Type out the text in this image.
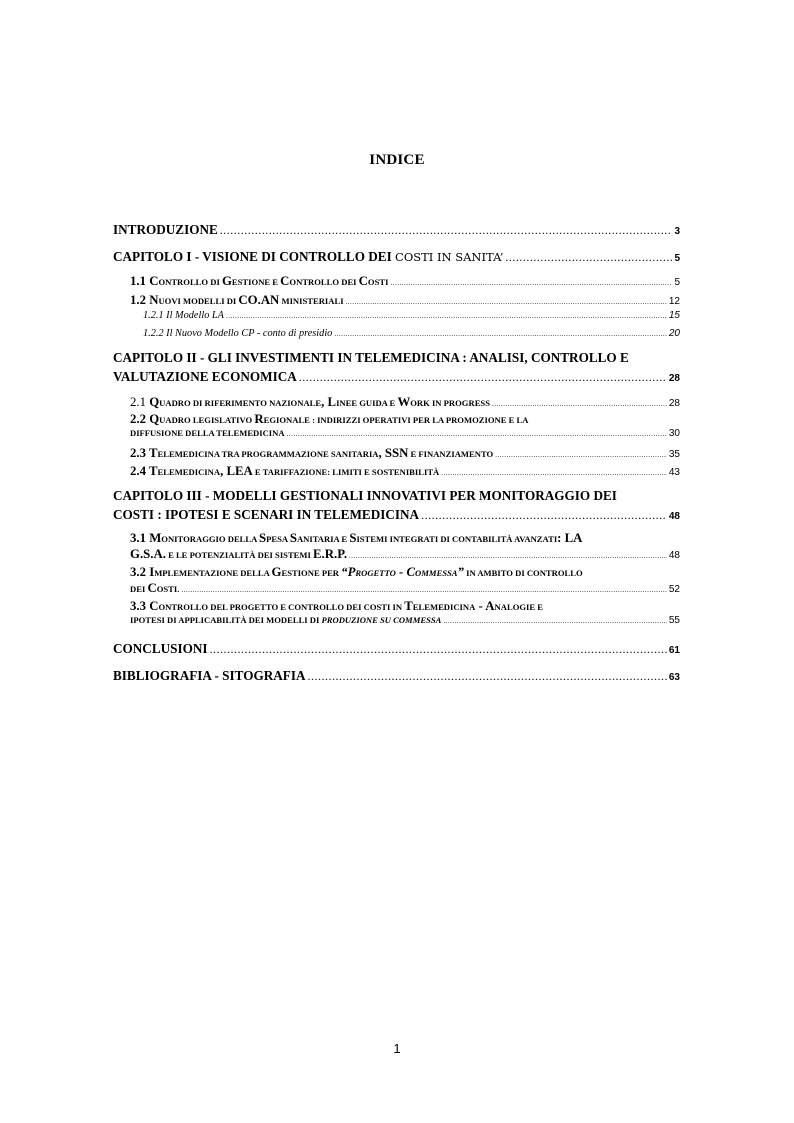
INDICE
INTRODUZIONE .....	3
CAPITOLO I - VISIONE DI CONTROLLO DEI COSTI IN SANITA’ .....	5
1.1 CONTROLLO DI GESTIONE E CONTROLLO DEI COSTI .....	5
1.2 NUOVI MODELLI DI CO.AN MINISTERIALI .....	12
1.2.1 Il Modello LA .....	15
1.2.2 Il Nuovo Modello CP - conto di presidio .....	20
CAPITOLO II - GLI INVESTIMENTI IN TELEMEDICINA : ANALISI, CONTROLLO E
VALUTAZIONE ECONOMICA .....	28
2.1 QUADRO DI RIFERIMENTO NAZIONALE, LINEE GUIDA E WORK IN PROGRESS .....	28
2.2 QUADRO LEGISLATIVO REGIONALE : INDIRIZZI OPERATIVI PER LA PROMOZIONE E LA
DIFFUSIONE DELLA TELEMEDICINA .....	30
2.3 TELEMEDICINA TRA PROGRAMMAZIONE SANITARIA, SSN E FINANZIAMENTO .....	35
2.4 TELEMEDICINA, LEA E TARIFFAZIONE: LIMITI E SOSTENIBILITÀ .....	43
CAPITOLO III - MODELLI GESTIONALI INNOVATIVI PER MONITORAGGIO DEI
COSTI : IPOTESI E SCENARI IN TELEMEDICINA .....	48
3.1 MONITORAGGIO DELLA SPESA SANITARIA E SISTEMI INTEGRATI DI CONTABILITÀ AVANZATI: LA
G.S.A. E LE POTENZIALITÀ DEI SISTEMI E.R.P. .....	48
3.2 IMPLEMENTAZIONE DELLA GESTIONE PER “PROGETTO - COMMESSA” IN AMBITO DI CONTROLLO
DEI COSTI. .....	52
3.3 CONTROLLO DEL PROGETTO E CONTROLLO DEI COSTI IN TELEMEDICINA - ANALOGIE E
IPOTESI DI APPLICABILITÀ DEI MODELLI DI PRODUZIONE SU COMMESSA .....	55
CONCLUSIONI .....	61
BIBLIOGRAFIA - SITOGRAFIA .....	63
1
